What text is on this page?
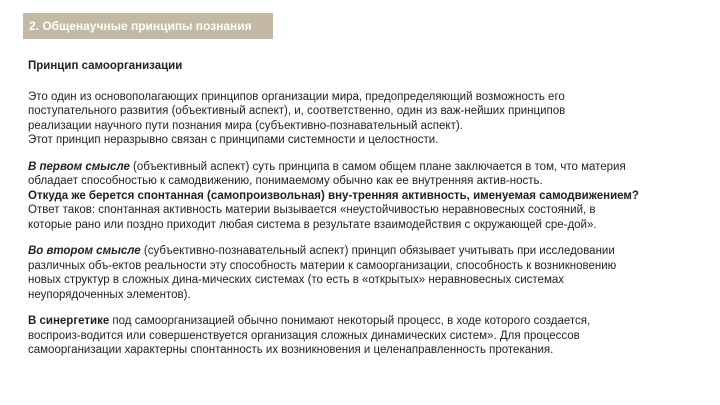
2. Общенаучные принципы познания
Принцип самоорганизации
Это один из основополагающих принципов организации мира, предопределяющий возможность его
поступательного развития (объективный аспект), и, соответственно, один из важ-нейших принципов
реализации научного пути познания мира (субъективно-познавательный аспект).
Этот принцип неразрывно связан с принципами системности и целостности.
В первом смысле (объективный аспект) суть принципа в самом общем плане заключается в том, что материя
обладает способностью к самодвижению, понимаемому обычно как ее внутренняя актив-ность.
Откуда же берется спонтанная (самопроизвольная) вну-тренняя активность, именуемая самодвижением?
Ответ таков: спонтанная активность материи вызывается «неустойчивостью неравновесных состояний, в
которые рано или поздно приходит любая система в результате взаимодействия с окружающей сре-дой».
Во втором смысле (субъективно-познавательный аспект) принцип обязывает учитывать при исследовании
различных объ-ектов реальности эту способность материи к самоорганизации, способность к возникновению
новых структур в сложных дина-мических системах (то есть в «открытых» неравновесных системах
неупорядоченных элементов).
В синергетике под самоорганизацией обычно понимают некоторый процесс, в ходе которого создается,
воспроиз-водится или совершенствуется организация сложных динамических систем». Для процессов
самоорганизации характерны спонтанность их возникновения и целенаправленность протекания.
